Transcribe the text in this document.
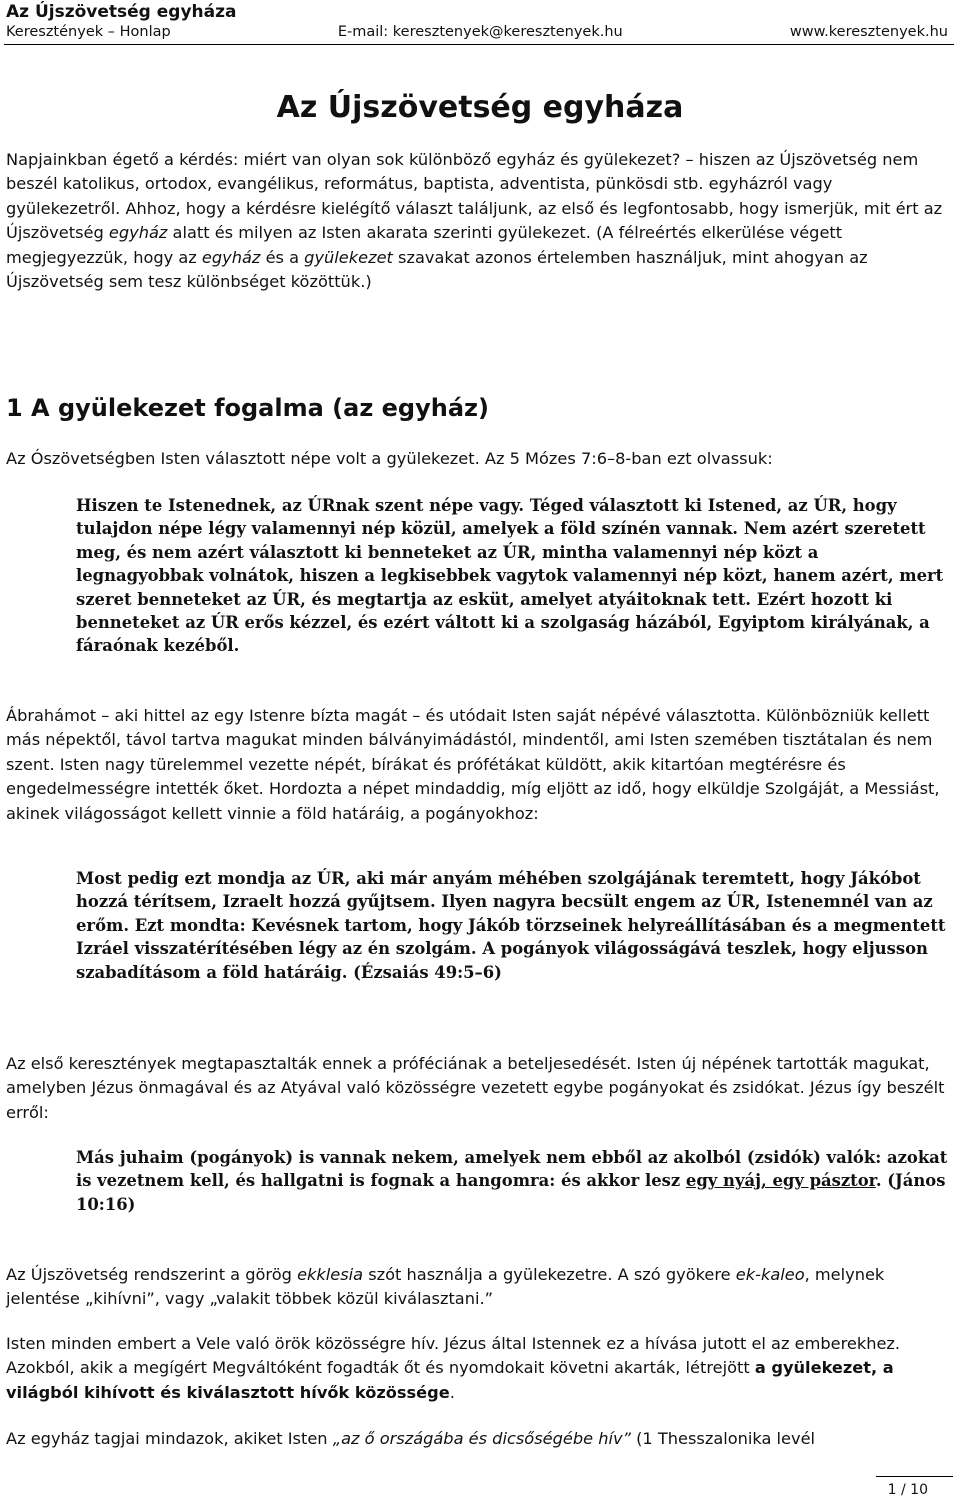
Az Újszövetség egyháza

Keresztények – Honlap	E-mail: keresztenyek@keresztenyek.hu	www.keresztenyek.hu
Az Újszövetség egyháza

Napjainkban égető a kérdés: miért van olyan sok különböző egyház és gyülekezet? – hiszen az Újszövetség nem beszél katolikus, ortodox, evangélikus, református, baptista, adventista, pünkösdi stb. egyházról vagy gyülekezetről. Ahhoz, hogy a kérdésre kielégítő választ találjunk, az első és legfontosabb, hogy ismerjük, mit ért az Újszövetség egyház alatt és milyen az Isten akarata szerinti gyülekezet. (A félreértés elkerülése végett megjegyezzük, hogy az egyház és a gyülekezet szavakat azonos értelemben használjuk, mint ahogyan az Újszövetség sem tesz különbséget közöttük.)

1 A gyülekezet fogalma (az egyház)

Az Ószövetségben Isten választott népe volt a gyülekezet. Az 5 Mózes 7:6–8-ban ezt olvassuk:

Hiszen te Istenednek, az ÚRnak szent népe vagy. Téged választott ki Istened, az ÚR, hogy tulajdon népe légy valamennyi nép közül, amelyek a föld színén vannak. Nem azért szeretett meg, és nem azért választott ki benneteket az ÚR, mintha valamennyi nép közt a legnagyobbak volnátok, hiszen a legkisebbek vagytok valamennyi nép közt, hanem azért, mert szeret benneteket az ÚR, és megtartja az esküt, amelyet atyáitoknak tett. Ezért hozott ki benneteket az ÚR erős kézzel, és ezért váltott ki a szolgaság házából, Egyiptom királyának, a fáraónak kezéből.

Ábrahámot – aki hittel az egy Istenre bízta magát – és utódait Isten saját népévé választotta. Különbözniük kellett más népektől, távol tartva magukat minden bálványimádástól, mindentől, ami Isten szemében tisztátalan és nem szent. Isten nagy türelemmel vezette népét, bírákat és prófétákat küldött, akik kitartóan megtérésre és engedelmességre intették őket. Hordozta a népet mindaddig, míg eljött az idő, hogy elküldje Szolgáját, a Messiást, akinek világosságot kellett vinnie a föld határáig, a pogányokhoz:

Most pedig ezt mondja az ÚR, aki már anyám méhében szolgájának teremtett, hogy Jákóbot hozzá térítsem, Izraelt hozzá gyűjtsem. Ilyen nagyra becsült engem az ÚR, Istenemnél van az erőm. Ezt mondta: Kevésnek tartom, hogy Jákób törzseinek helyreállításában és a megmentett Izráel visszatérítésében légy az én szolgám. A pogányok világosságává teszlek, hogy eljusson szabadításom a föld határáig. (Ézsaiás 49:5–6)

Az első keresztények megtapasztalták ennek a próféciának a beteljesedését. Isten új népének tartották magukat, amelyben Jézus önmagával és az Atyával való közösségre vezetett egybe pogányokat és zsidókat. Jézus így beszélt erről:

Más juhaim (pogányok) is vannak nekem, amelyek nem ebből az akolból (zsidók) valók: azokat is vezetnem kell, és hallgatni is fognak a hangomra: és akkor lesz egy nyáj, egy pásztor. (János 10:16)

Az Újszövetség rendszerint a görög ekklesia szót használja a gyülekezetre. A szó gyökere ek-kaleo, melynek jelentése „kihívni”, vagy „valakit többek közül kiválasztani.”

Isten minden embert a Vele való örök közösségre hív. Jézus által Istennek ez a hívása jutott el az emberekhez. Azokból, akik a megígért Megváltóként fogadták őt és nyomdokait követni akarták, létrejött a gyülekezet, a világból kihívott és kiválasztott hívők közössége.

Az egyház tagjai mindazok, akiket Isten „az ő országába és dicsőségébe hív” (1 Thesszalonika levél

1 / 10
